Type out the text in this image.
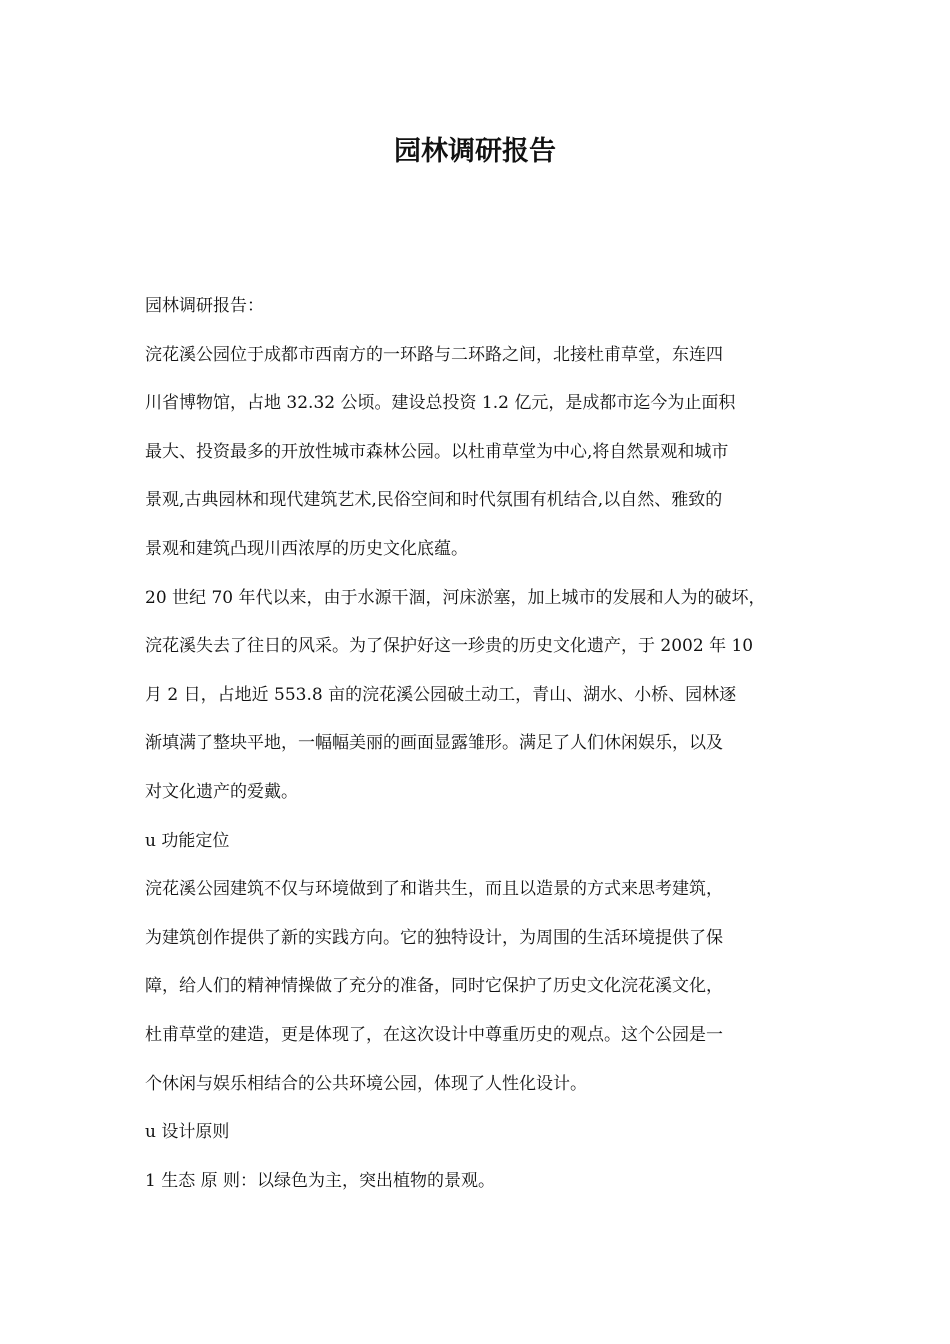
园林调研报告

园林调研报告：

浣花溪公园位于成都市西南方的一环路与二环路之间，北接杜甫草堂，东连四

川省博物馆，占地 32.32 公顷。建设总投资 1.2 亿元，是成都市迄今为止面积

最大、投资最多的开放性城市森林公园。以杜甫草堂为中心,将自然景观和城市

景观,古典园林和现代建筑艺术,民俗空间和时代氛围有机结合,以自然、雅致的

景观和建筑凸现川西浓厚的历史文化底蕴。

20 世纪 70 年代以来，由于水源干涸，河床淤塞，加上城市的发展和人为的破坏，

浣花溪失去了往日的风采。为了保护好这一珍贵的历史文化遗产，于 2002 年 10

月 2 日，占地近 553.8 亩的浣花溪公园破土动工，青山、湖水、小桥、园林逐

渐填满了整块平地，一幅幅美丽的画面显露雏形。满足了人们休闲娱乐，以及

对文化遗产的爱戴。

u 功能定位

浣花溪公园建筑不仅与环境做到了和谐共生，而且以造景的方式来思考建筑，

为建筑创作提供了新的实践方向。它的独特设计，为周围的生活环境提供了保

障，给人们的精神情操做了充分的准备，同时它保护了历史文化浣花溪文化，

杜甫草堂的建造，更是体现了，在这次设计中尊重历史的观点。这个公园是一

个休闲与娱乐相结合的公共环境公园，体现了人性化设计。

u 设计原则

1 生态 原 则：以绿色为主，突出植物的景观。
